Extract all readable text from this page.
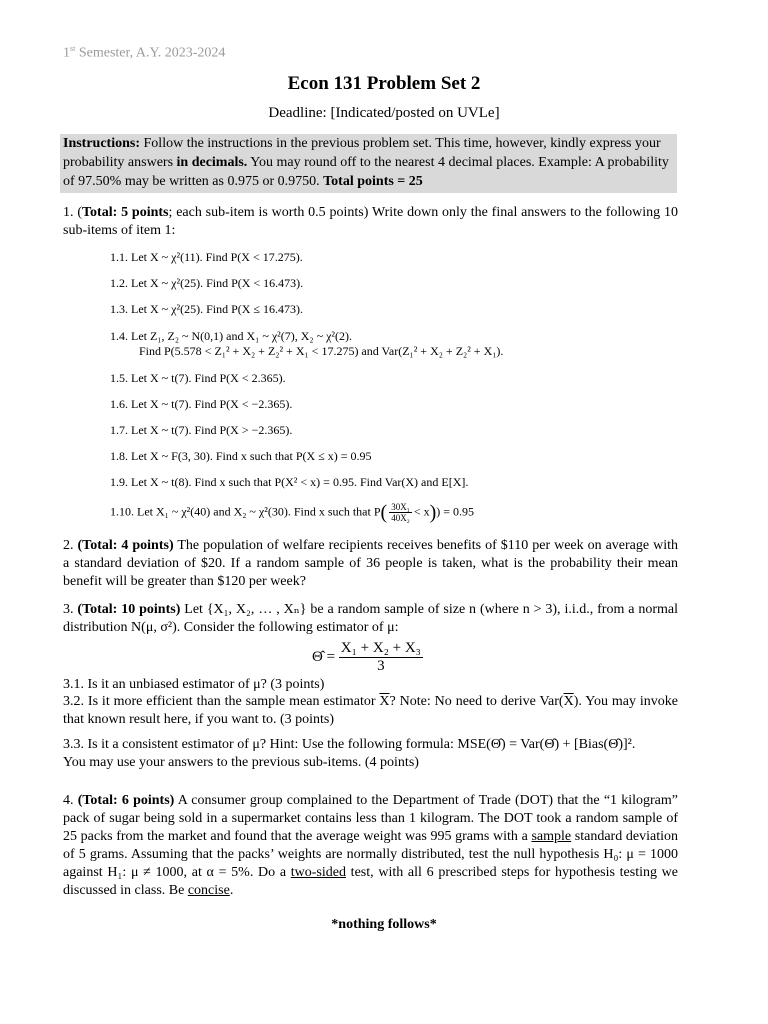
1st Semester, A.Y. 2023-2024
Econ 131 Problem Set 2
Deadline: [Indicated/posted on UVLe]
Instructions: Follow the instructions in the previous problem set. This time, however, kindly express your probability answers in decimals. You may round off to the nearest 4 decimal places. Example: A probability of 97.50% may be written as 0.975 or 0.9750. Total points = 25
1. (Total: 5 points; each sub-item is worth 0.5 points) Write down only the final answers to the following 10 sub-items of item 1:
1.1. Let X ~ χ²(11). Find P(X < 17.275).
1.2. Let X ~ χ²(25). Find P(X < 16.473).
1.3. Let X ~ χ²(25). Find P(X ≤ 16.473).
1.4. Let Z₁, Z₂ ~ N(0,1) and X₁ ~ χ²(7), X₂ ~ χ²(2).
Find P(5.578 < Z₁² + X₂ + Z₂² + X₁ < 17.275) and Var(Z₁² + X₂ + Z₂² + X₁).
1.5. Let X ~ t(7). Find P(X < 2.365).
1.6. Let X ~ t(7). Find P(X < −2.365).
1.7. Let X ~ t(7). Find P(X > −2.365).
1.8. Let X ~ F(3, 30). Find x such that P(X ≤ x) = 0.95
1.9. Let X ~ t(8). Find x such that P(X² < x) = 0.95. Find Var(X) and E[X].
1.10. Let X₁ ~ χ²(40) and X₂ ~ χ²(30). Find x such that $P( \frac{\text{30X₁}}{\text{40X₂}} < x)) = 0.95$
2. (Total: 4 points) The population of welfare recipients receives benefits of $110 per week on average with a standard deviation of $20. If a random sample of 36 people is taken, what is the probability their mean benefit will be greater than $120 per week?
3. (Total: 10 points) Let {X₁, X₂, … , Xₙ} be a random sample of size n (where n > 3), i.i.d., from a normal distribution N(μ, σ²). Consider the following estimator of μ:
Θ̂ = $\frac{\text{X₁ + X₂ + X₃}}{3}$
3.1. Is it an unbiased estimator of μ? (3 points)
3.2. Is it more efficient than the sample mean estimator $\overline{X}$? Note: No need to derive $Var(\overline{X})$. You may invoke that known result here, if you want to. (3 points)
3.3. Is it a consistent estimator of μ? Hint: Use the following formula: MSE(Θ̂) = Var(Θ̂) + [Bias(Θ̂)]².
You may use your answers to the previous sub-items. (4 points)
4. (Total: 6 points) A consumer group complained to the Department of Trade (DOT) that the “1 kilogram” pack of sugar being sold in a supermarket contains less than 1 kilogram. The DOT took a random sample of 25 packs from the market and found that the average weight was 995 grams with a sample standard deviation of 5 grams. Assuming that the packs’ weights are normally distributed, test the null hypothesis H₀: μ = 1000 against H₁: μ ≠ 1000, at α = 5%. Do a two-sided test, with all 6 prescribed steps for hypothesis testing we discussed in class. Be concise.
*nothing follows*
